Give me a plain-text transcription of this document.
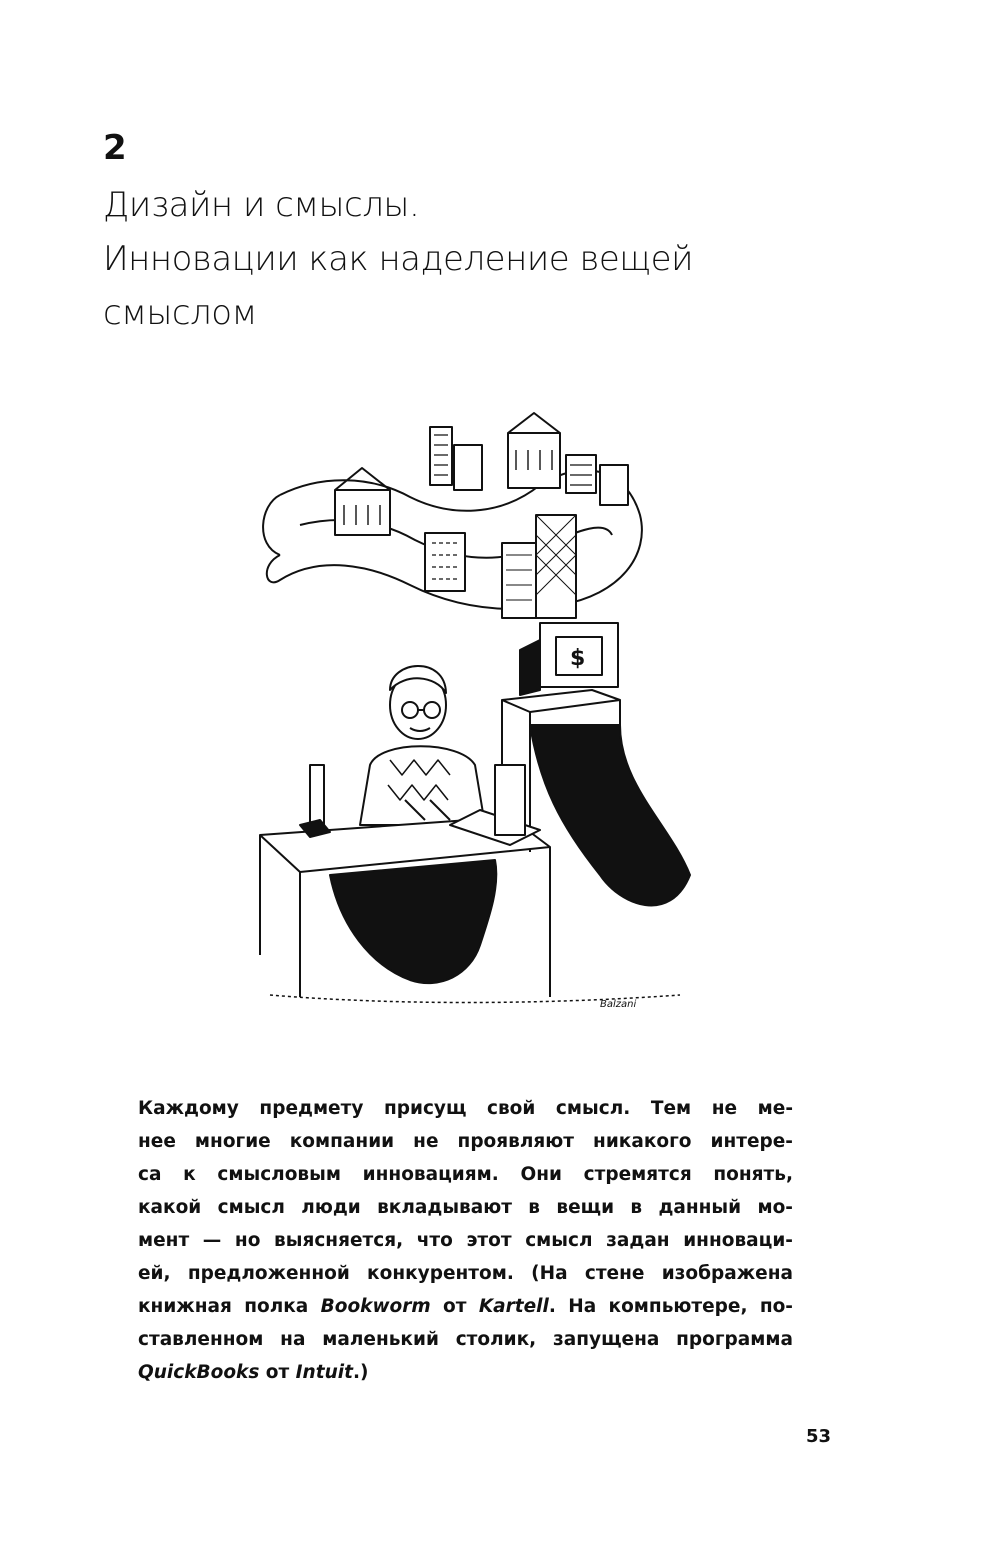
2
Дизайн и смыслы.
Инновации как наделение вещей
смыслом
$
Balzani
Каждому предмету присущ свой смысл. Тем не ме-
нее многие компании не проявляют никакого интере-
са к смысловым инновациям. Они стремятся понять,
какой смысл люди вкладывают в вещи в данный мо-
мент — но выясняется, что этот смысл задан инноваци-
ей, предложенной конкурентом. (На стене изображена
книжная полка Bookworm от Kartell. На компьютере, по-
ставленном на маленький столик, запущена программа
QuickBooks от Intuit.)
53
